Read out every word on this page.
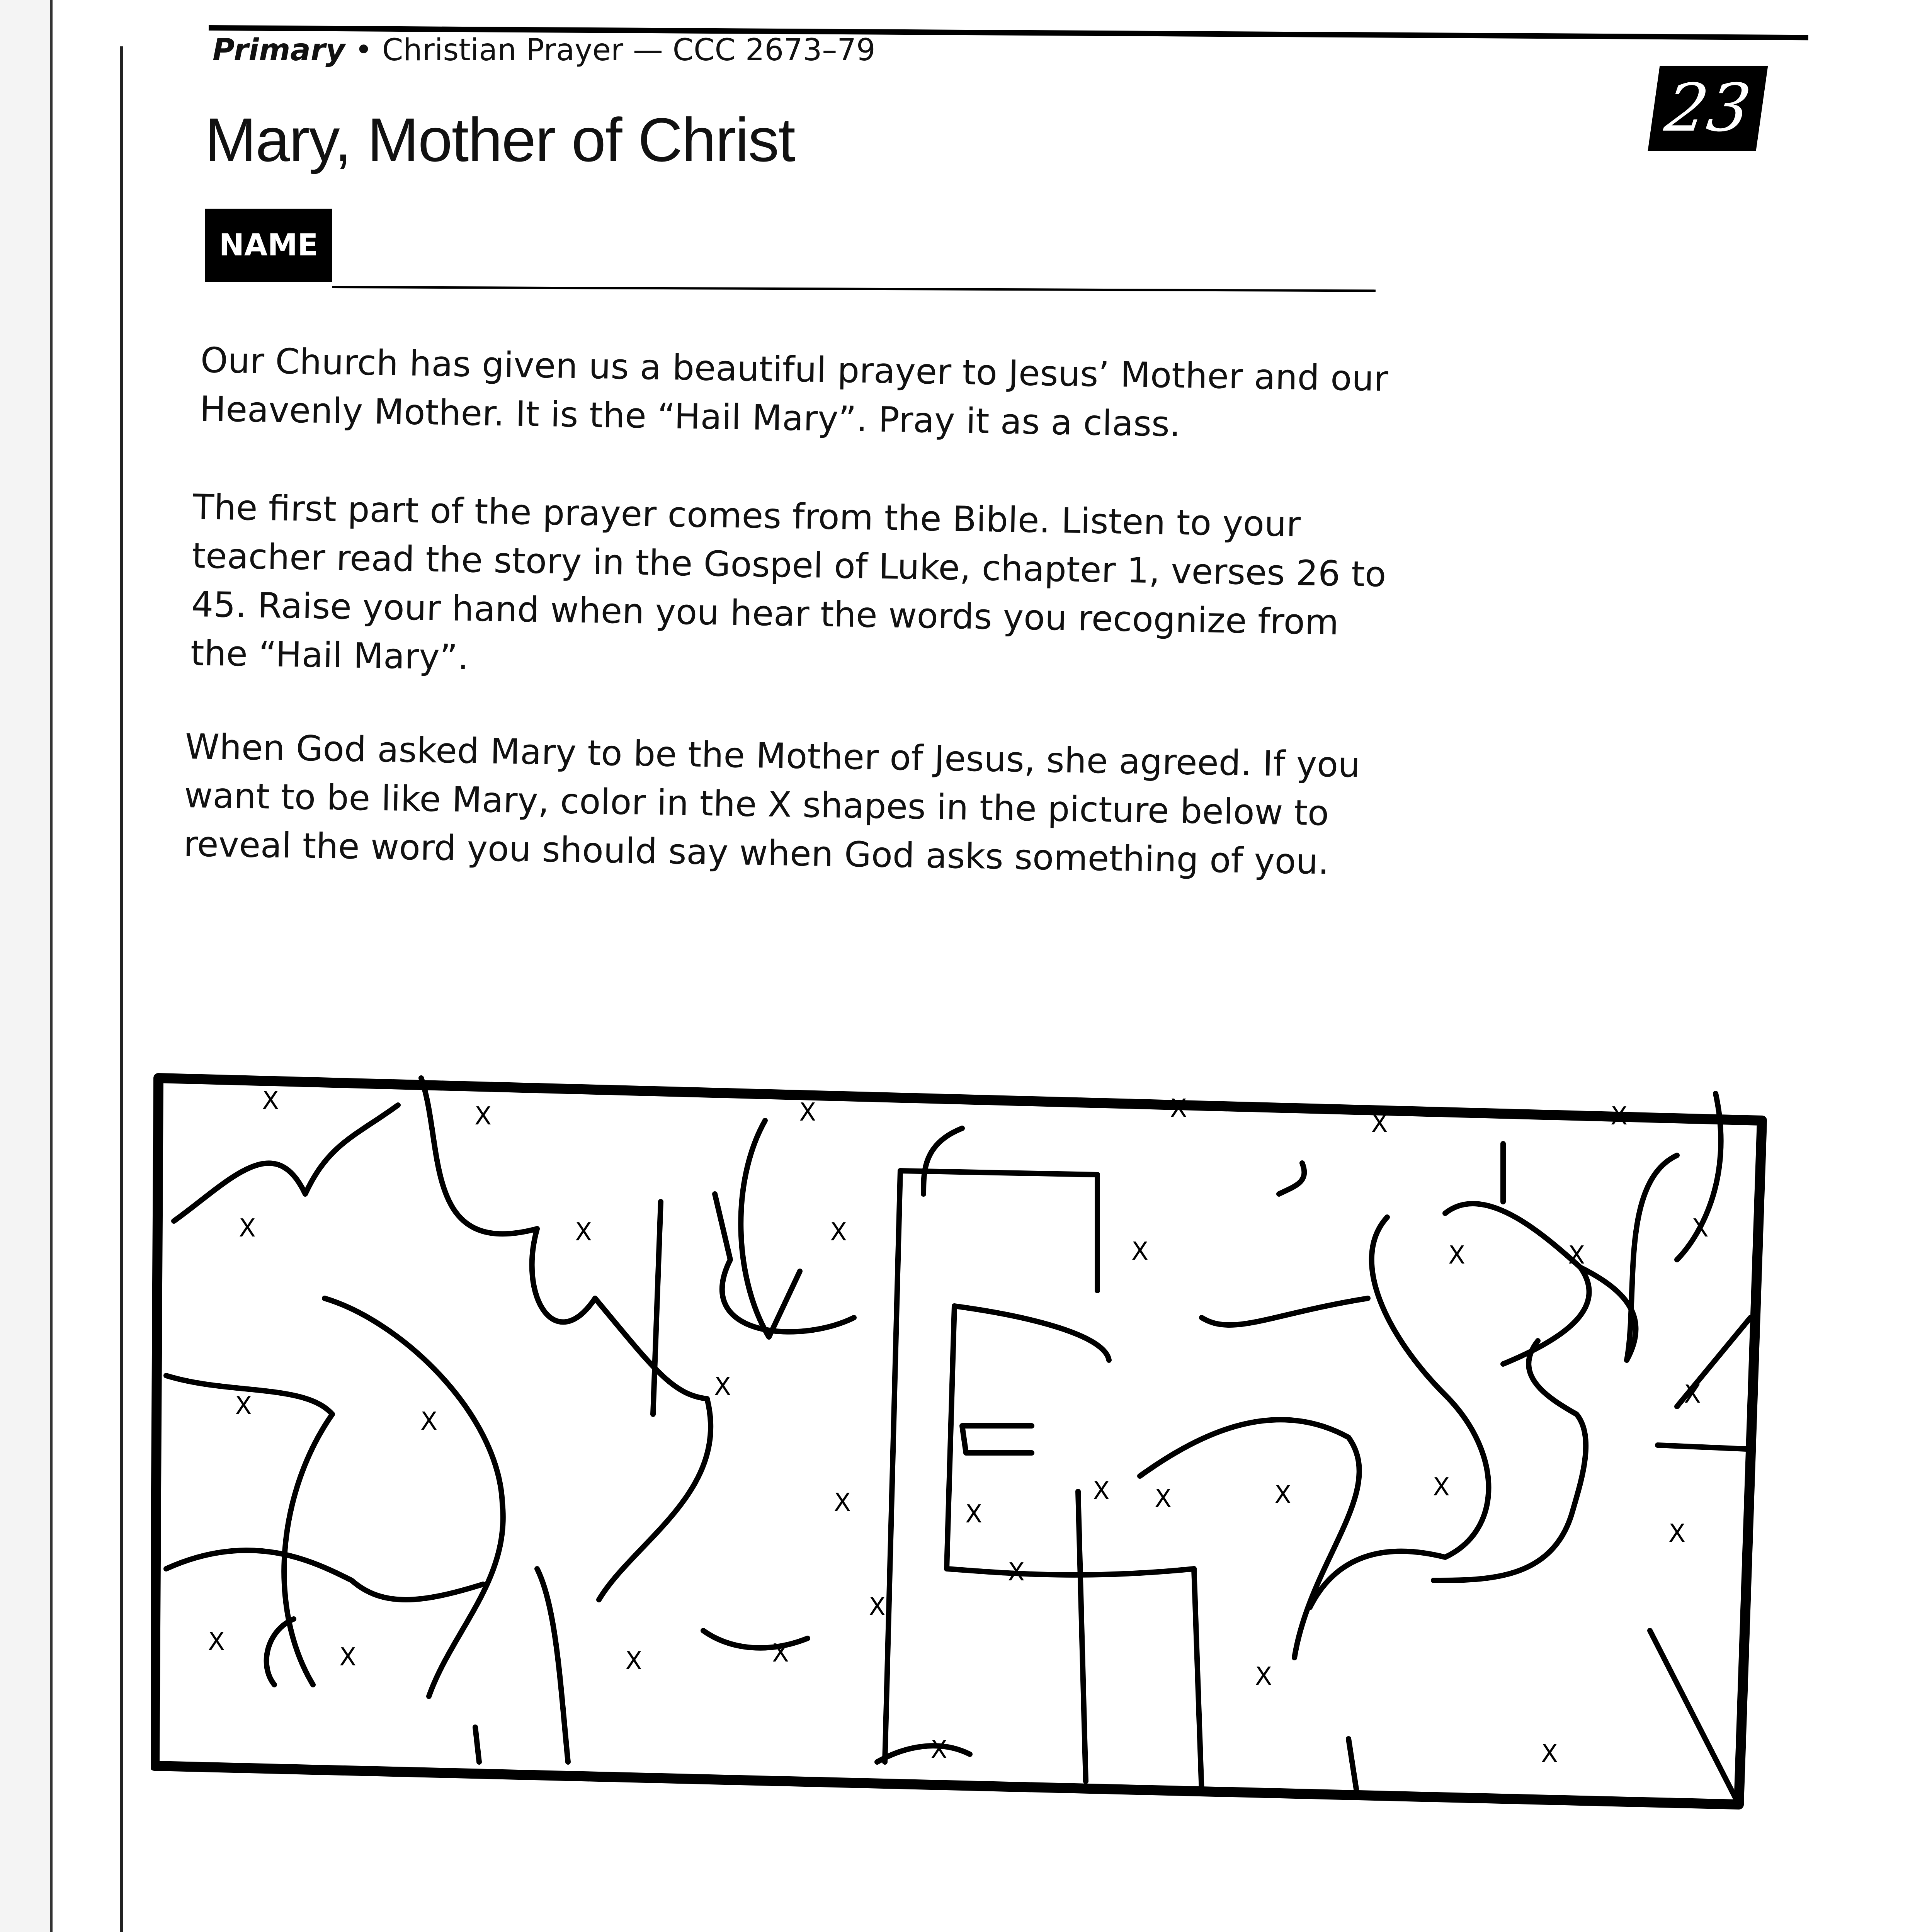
Primary • Christian Prayer — CCC 2673–79
23
Mary, Mother of Christ
NAME
Our Church has given us a beautiful prayer to Jesus’ Mother and our Heavenly Mother. It is the “Hail Mary”. Pray it as a class.
The first part of the prayer comes from the Bible. Listen to your teacher read the story in the Gospel of Luke, chapter 1, verses 26 to 45. Raise your hand when you hear the words you recognize from the “Hail Mary”.
When God asked Mary to be the Mother of Jesus, she agreed. If you want to be like Mary, color in the X shapes in the picture below to reveal the word you should say when God asks something of you.
X
X	X	X
X	X
X	X	X
X	X	X
X
X
X
X
X
X	X	X
X
X
X
X
X	X	X
X
X	X
X
X
X
